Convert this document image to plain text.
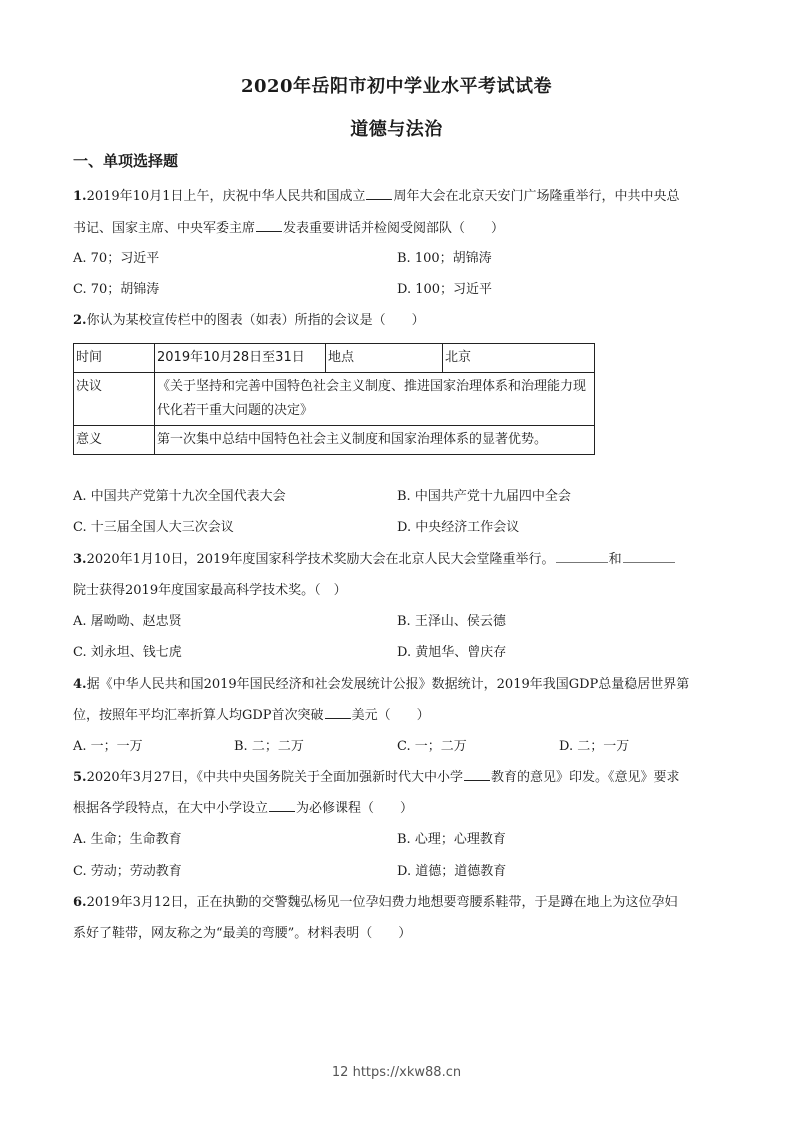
2020年岳阳市初中学业水平考试试卷
道德与法治
一、单项选择题
1.2019年10月1日上午，庆祝中华人民共和国成立 周年大会在北京天安门广场隆重举行，中共中央总
书记、国家主席、中央军委主席 发表重要讲话并检阅受阅部队（　　）
A. 70；习近平	B. 100；胡锦涛
C. 70；胡锦涛	D. 100；习近平
2.你认为某校宣传栏中的图表（如表）所指的会议是（　　）
时间	2019年10月28日至31日	地点	北京
决议	《关于坚持和完善中国特色社会主义制度、推进国家治理体系和治理能力现代化若干重大问题的决定》		
意义	第一次集中总结中国特色社会主义制度和国家治理体系的显著优势。		
A. 中国共产党第十九次全国代表大会	B. 中国共产党十九届四中全会
C. 十三届全国人大三次会议	D. 中央经济工作会议
3.2020年1月10日，2019年度国家科学技术奖励大会在北京人民大会堂隆重举行。	和
院士获得2019年度国家最高科学技术奖。（　）
A. 屠呦呦、赵忠贤	B. 王泽山、侯云德
C. 刘永坦、钱七虎	D. 黄旭华、曾庆存
4.据《中华人民共和国2019年国民经济和社会发展统计公报》数据统计，2019年我国GDP总量稳居世界第
位，按照年平均汇率折算人均GDP首次突破 美元（　　）
A. 一；一万	B. 二；二万	C. 一；二万	D. 二；一万
5.2020年3月27日，《中共中央国务院关于全面加强新时代大中小学 教育的意见》印发。《意见》要求
根据各学段特点，在大中小学设立 为必修课程（　　）
A. 生命；生命教育	B. 心理；心理教育
C. 劳动；劳动教育	D. 道德；道德教育
6.2019年3月12日，正在执勤的交警魏弘杨见一位孕妇费力地想要弯腰系鞋带，于是蹲在地上为这位孕妇
系好了鞋带，网友称之为“最美的弯腰”。材料表明（　　）
12 https://xkw88.cn
